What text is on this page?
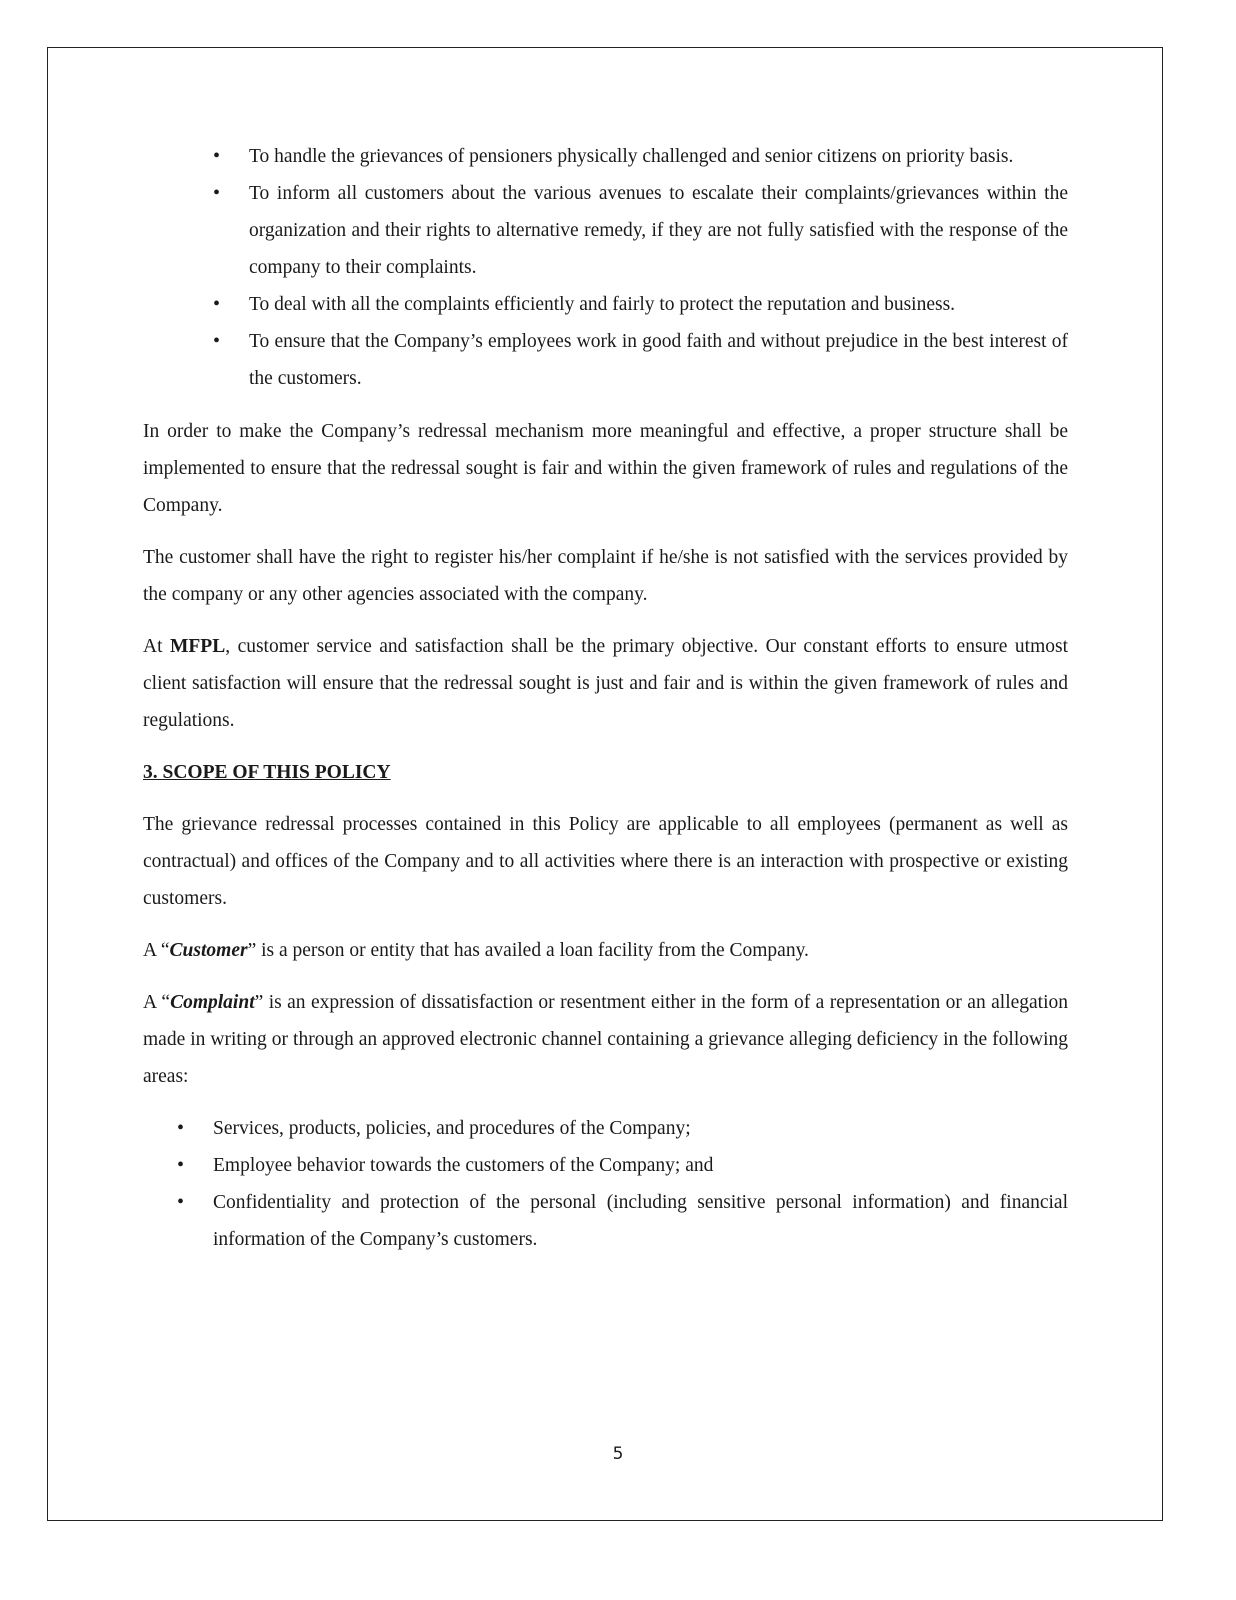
• To handle the grievances of pensioners physically challenged and senior citizens on priority basis.
• To inform all customers about the various avenues to escalate their complaints/grievances within the organization and their rights to alternative remedy, if they are not fully satisfied with the response of the company to their complaints.
• To deal with all the complaints efficiently and fairly to protect the reputation and business.
• To ensure that the Company’s employees work in good faith and without prejudice in the best interest of the customers.

In order to make the Company’s redressal mechanism more meaningful and effective, a proper structure shall be implemented to ensure that the redressal sought is fair and within the given framework of rules and regulations of the Company.

The customer shall have the right to register his/her complaint if he/she is not satisfied with the services provided by the company or any other agencies associated with the company.

At MFPL, customer service and satisfaction shall be the primary objective. Our constant efforts to ensure utmost client satisfaction will ensure that the redressal sought is just and fair and is within the given framework of rules and regulations.

3. SCOPE OF THIS POLICY

The grievance redressal processes contained in this Policy are applicable to all employees (permanent as well as contractual) and offices of the Company and to all activities where there is an interaction with prospective or existing customers.

A “Customer” is a person or entity that has availed a loan facility from the Company.

A “Complaint” is an expression of dissatisfaction or resentment either in the form of a representation or an allegation made in writing or through an approved electronic channel containing a grievance alleging deficiency in the following areas:

• Services, products, policies, and procedures of the Company;
• Employee behavior towards the customers of the Company; and
• Confidentiality and protection of the personal (including sensitive personal information) and financial information of the Company’s customers.
5
